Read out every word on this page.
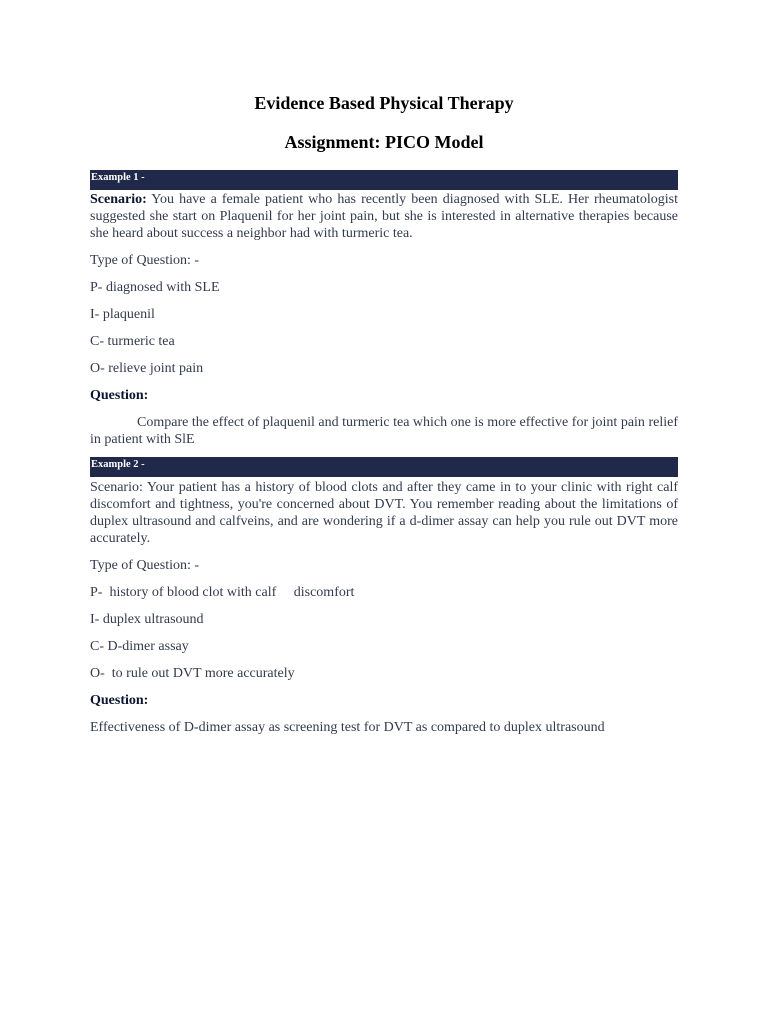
Evidence Based Physical Therapy
Assignment: PICO Model
Example 1 -
Scenario: You have a female patient who has recently been diagnosed with SLE. Her rheumatologist suggested she start on Plaquenil for her joint pain, but she is interested in alternative therapies because she heard about success a neighbor had with turmeric tea.
Type of Question: -
P- diagnosed with SLE
I- plaquenil
C- turmeric tea
O- relieve joint pain
Question:
Compare the effect of plaquenil and turmeric tea which one is more effective for joint pain relief in patient with SlE
Example 2 -
Scenario: Your patient has a history of blood clots and after they came in to your clinic with right calf discomfort and tightness, you're concerned about DVT. You remember reading about the limitations of duplex ultrasound and calfveins, and are wondering if a d-dimer assay can help you rule out DVT more accurately.
Type of Question: -
P-  history of blood clot with calf     discomfort
I- duplex ultrasound
C- D-dimer assay
O-  to rule out DVT more accurately
Question:
Effectiveness of D-dimer assay as screening test for DVT as compared to duplex ultrasound
